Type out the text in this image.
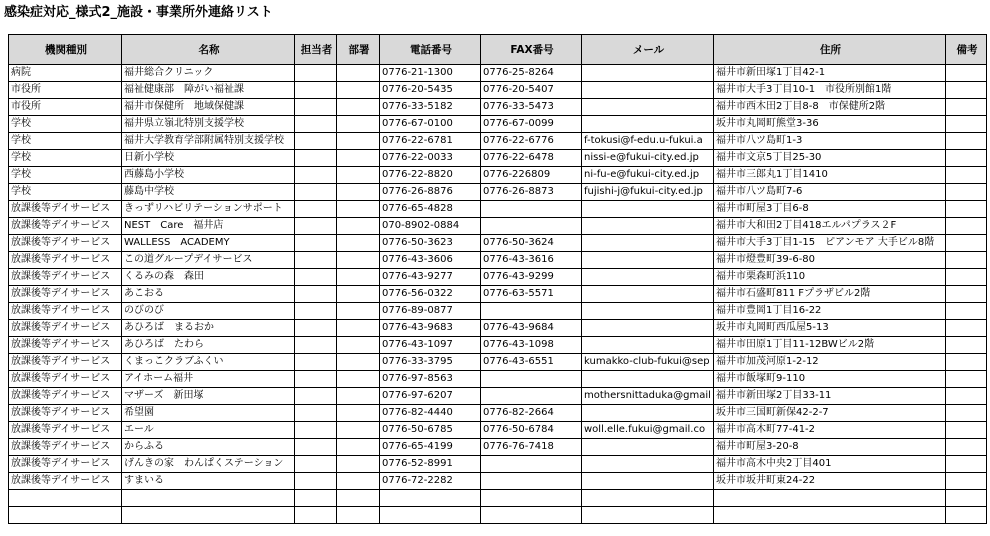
感染症対応_様式2_施設・事業所外連絡リスト
機関種別	名称	担当者	部署	電話番号	FAX番号	メール	住所	備考
病院	福井総合クリニック			0776-21-1300	0776-25-8264		福井市新田塚1丁目42-1	
市役所	福祉健康部　障がい福祉課			0776-20-5435	0776-20-5407		福井市大手3丁目10-1　市役所別館1階	
市役所	福井市保健所　地域保健課			0776-33-5182	0776-33-5473		福井市西木田2丁目8-8　市保健所2階	
学校	福井県立嶺北特別支援学校			0776-67-0100	0776-67-0099		坂井市丸岡町熊堂3-36	
学校	福井大学教育学部附属特別支援学校			0776-22-6781	0776-22-6776	f-tokusi@f-edu.u-fukui.a	福井市八ツ島町1-3	
学校	日新小学校			0776-22-0033	0776-22-6478	nissi-e@fukui-city.ed.jp	福井市文京5丁目25-30	
学校	西藤島小学校			0776-22-8820	0776-226809	ni-fu-e@fukui-city.ed.jp	福井市三郎丸1丁目1410	
学校	藤島中学校			0776-26-8876	0776-26-8873	fujishi-j@fukui-city.ed.jp	福井市八ツ島町7-6	
放課後等デイサービス	きっずリハビリテーションサポート			0776-65-4828			福井市町屋3丁目6-8	
放課後等デイサービス	NEST　Care　福井店			070-8902-0884			福井市大和田2丁目418エルパプラス２F	
放課後等デイサービス	WALLESS　ACADEMY			0776-50-3623	0776-50-3624		福井市大手3丁目1-15　ピアンモア 大手ビル8階	
放課後等デイサービス	この道グループデイサービス			0776-43-3606	0776-43-3616		福井市燈豊町39-6-80	
放課後等デイサービス	くるみの森　森田			0776-43-9277	0776-43-9299		福井市栗森町浜110	
放課後等デイサービス	あこおる			0776-56-0322	0776-63-5571		福井市石盛町811 Fプラザビル2階	
放課後等デイサービス	のびのび			0776-89-0877			福井市豊岡1丁目16-22	
放課後等デイサービス	あひろば　まるおか			0776-43-9683	0776-43-9684		坂井市丸岡町西瓜屋5-13	
放課後等デイサービス	あひろば　たわら			0776-43-1097	0776-43-1098		福井市田原1丁目11-12BWビル2階	
放課後等デイサービス	くまっこクラブふくい			0776-33-3795	0776-43-6551	kumakko-club-fukui@sep	福井市加茂河原1-2-12	
放課後等デイサービス	アイホーム福井			0776-97-8563			福井市飯塚町9-110	
放課後等デイサービス	マザーズ　新田塚			0776-97-6207		mothersnittaduka@gmail	福井市新田塚2丁目33-11	
放課後等デイサービス	希望園			0776-82-4440	0776-82-2664		坂井市三国町新保42-2-7	
放課後等デイサービス	エール			0776-50-6785	0776-50-6784	woll.elle.fukui@gmail.co	福井市高木町77-41-2	
放課後等デイサービス	からふる			0776-65-4199	0776-76-7418		福井市町屋3-20-8	
放課後等デイサービス	げんきの家　わんぱくステーション			0776-52-8991			福井市高木中央2丁目401	
放課後等デイサービス	すまいる			0776-72-2282			坂井市坂井町東24-22	
